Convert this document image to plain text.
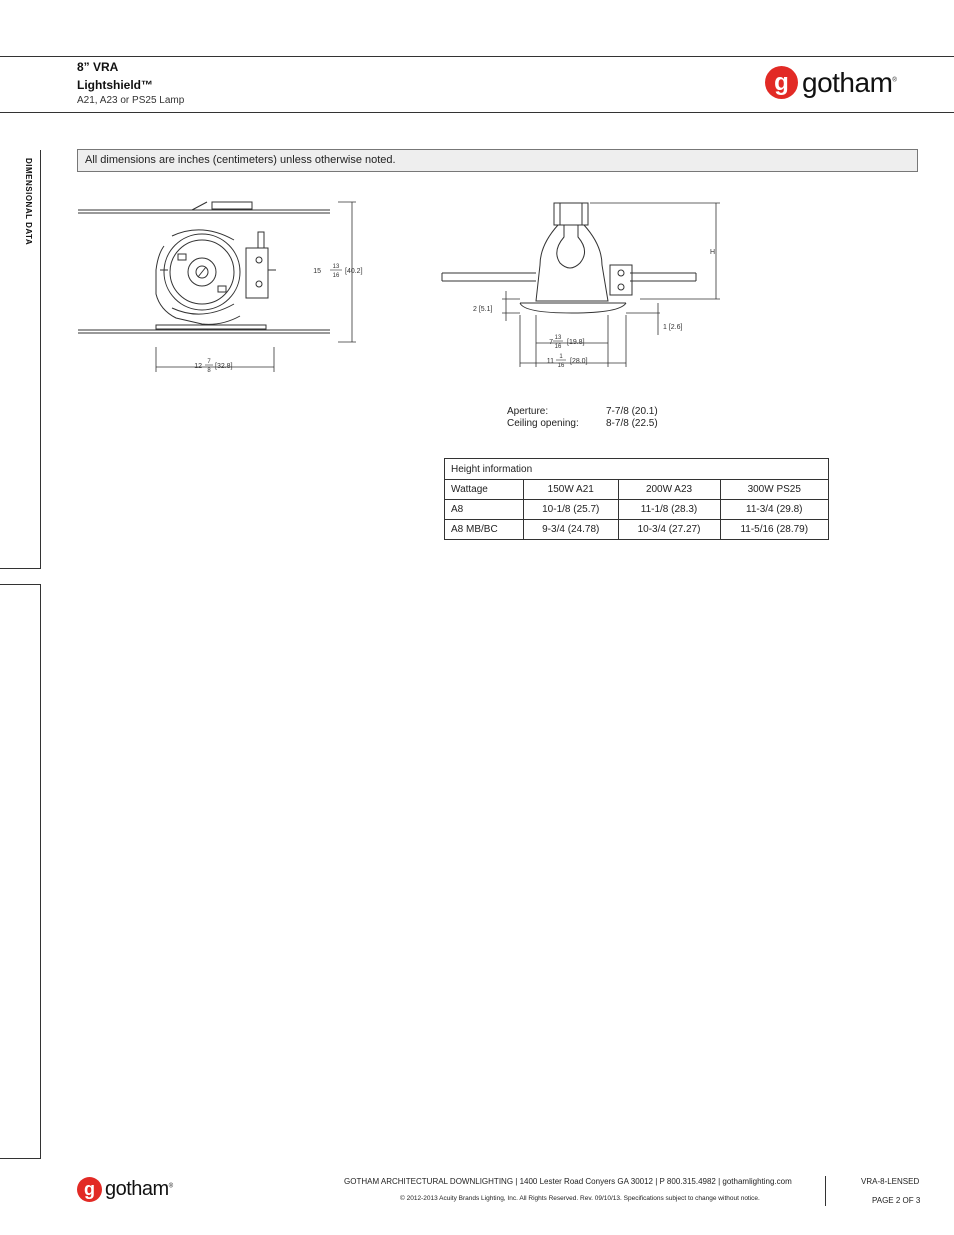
8” VRA
Lightshield™
A21, A23 or PS25 Lamp
g gotham®
DIMENSIONAL DATA	All dimensions are inches (centimeters) unless otherwise noted.
15
13
16
[40.2]
12
7
8
[32.8]
H
2 [5.1]
1 [2.6]
7
13
16
[19.8]
11
1
16
[28.0]
Aperture:	7-7/8 (20.1)
Ceiling opening:	8-7/8 (22.5)
Height information			
Wattage	150W A21	200W A23	300W PS25
A8	10-1/8 (25.7)	11-1/8 (28.3)	11-3/4 (29.8)
A8 MB/BC	9-3/4 (24.78)	10-3/4 (27.27)	11-5/16 (28.79)
g gotham®
GOTHAM ARCHITECTURAL DOWNLIGHTING | 1400 Lester Road Conyers GA 30012 | P 800.315.4982 | gothamlighting.com
© 2012-2013 Acuity Brands Lighting, Inc. All Rights Reserved. Rev. 09/10/13. Specifications subject to change without notice.
VRA-8-LENSED
PAGE 2 OF 3
